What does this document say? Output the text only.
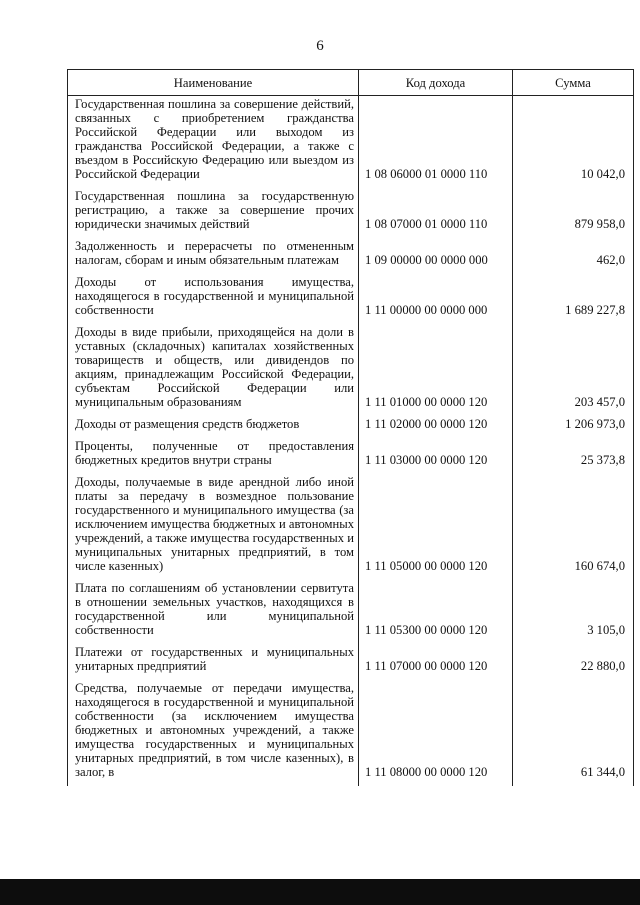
6
Наименование	Код дохода	Сумма
Государственная пошлина за совершение действий, связанных с приобретением гражданства Российской Федерации или выходом из гражданства Российской Федерации, а также с въездом в Российскую Федерацию или выездом из Российской Федерации	1 08 06000 01 0000 110	10 042,0
Государственная пошлина за государственную регистрацию, а также за совершение прочих юридически значимых действий	1 08 07000 01 0000 110	879 958,0
Задолженность и перерасчеты по отмененным налогам, сборам и иным обязательным платежам	1 09 00000 00 0000 000	462,0
Доходы от использования имущества, находящегося в государственной и муниципальной собственности	1 11 00000 00 0000 000	1 689 227,8
Доходы в виде прибыли, приходящейся на доли в уставных (складочных) капиталах хозяйственных товариществ и обществ, или дивидендов по акциям, принадлежащим Российской Федерации, субъектам Российской Федерации или муниципальным образованиям	1 11 01000 00 0000 120	203 457,0
Доходы от размещения средств бюджетов	1 11 02000 00 0000 120	1 206 973,0
Проценты, полученные от предоставления бюджетных кредитов внутри страны	1 11 03000 00 0000 120	25 373,8
Доходы, получаемые в виде арендной либо иной платы за передачу в возмездное пользование государственного и муниципального имущества (за исключением имущества бюджетных и автономных учреждений, а также имущества государственных и муниципальных унитарных предприятий, в том числе казенных)	1 11 05000 00 0000 120	160 674,0
Плата по соглашениям об установлении сервитута в отношении земельных участков, находящихся в государственной или муниципальной собственности	1 11 05300 00 0000 120	3 105,0
Платежи от государственных и муниципальных унитарных предприятий	1 11 07000 00 0000 120	22 880,0
Средства, получаемые от передачи имущества, находящегося в государственной и муниципальной собственности (за исключением имущества бюджетных и автономных учреждений, а также имущества государственных и муниципальных унитарных предприятий, в том числе казенных), в залог, в	1 11 08000 00 0000 120	61 344,0
